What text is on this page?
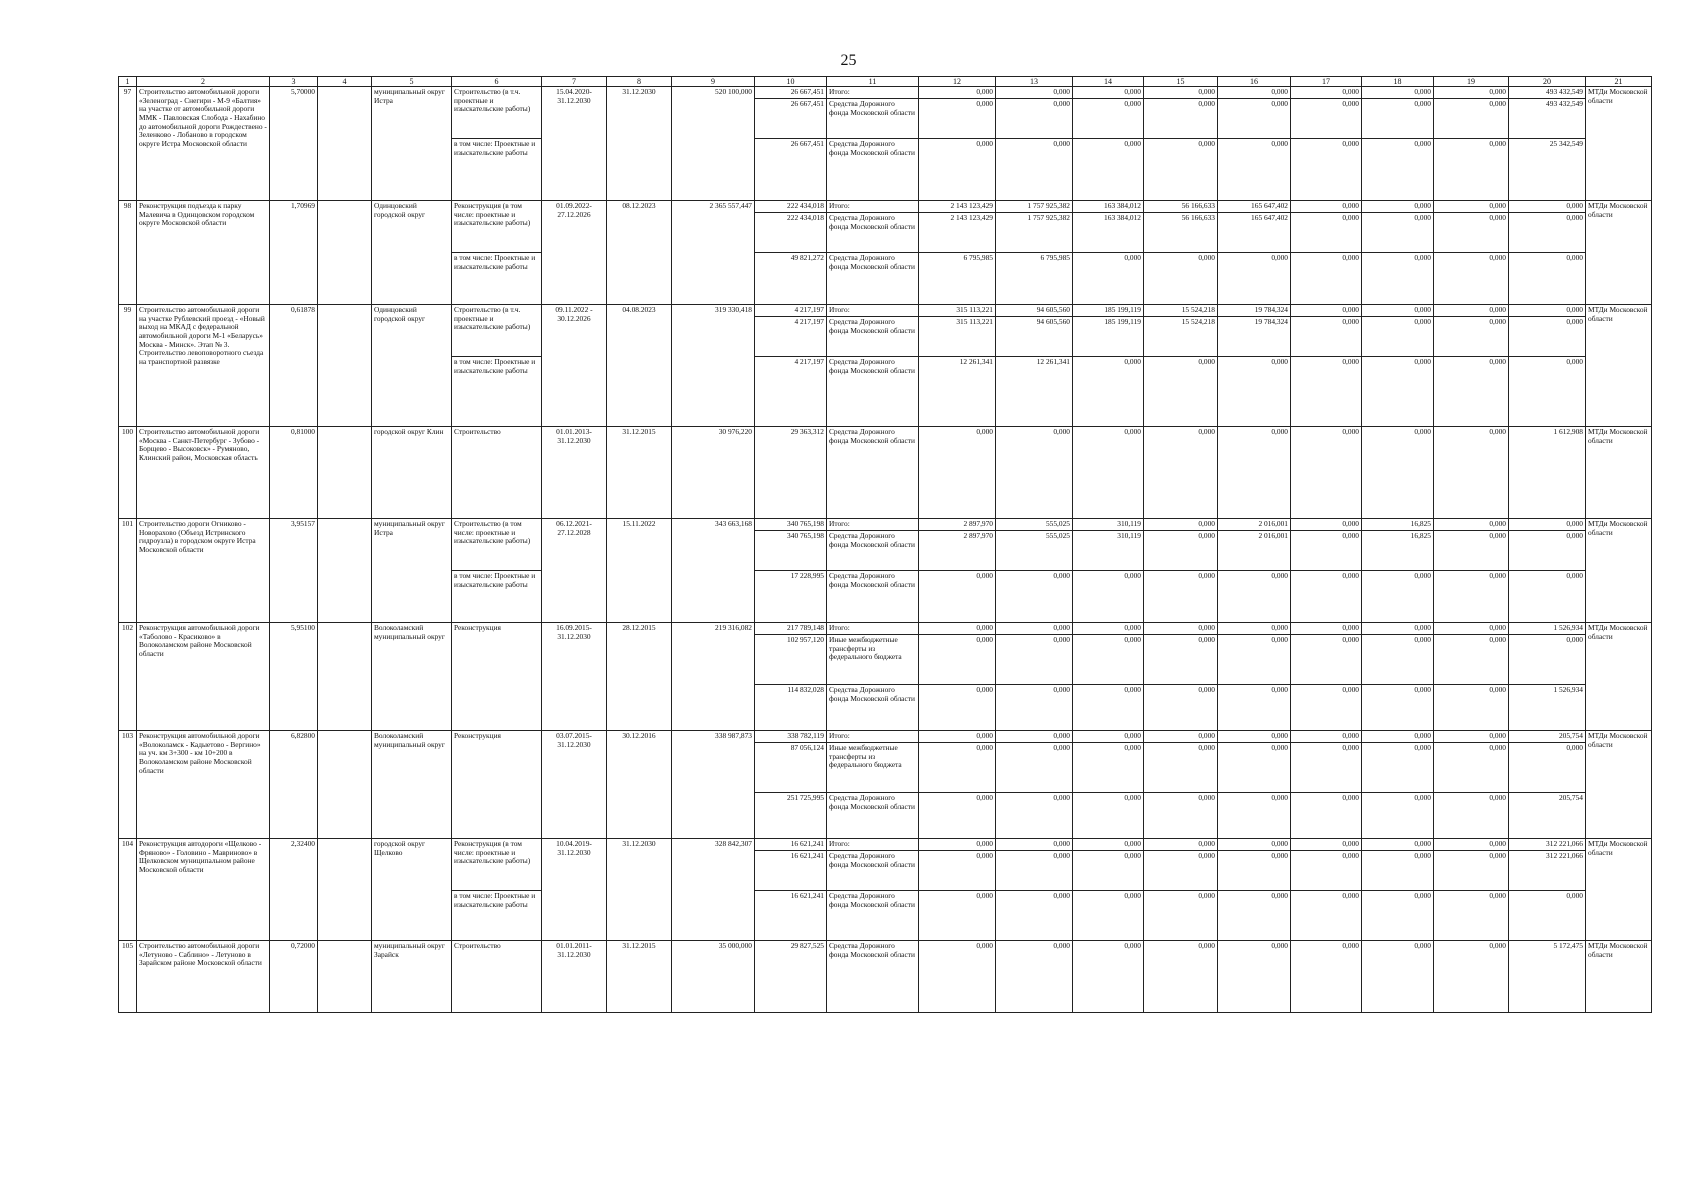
25
1	2	3	4	5	6	7	8	9	10	11	12	13	14	15	16	17	18	19	20	21
97	Строительство автомобильной дороги «Зеленоград - Снегири - М-9 «Балтия» на участке от автомобильной дороги ММК - Павловская Слобода - Нахабино до автомобильной дороги Рождествено - Зеленково - Лобаново в городском округе Истра Московской области	5,70000		муниципальный округ Истра	Строительство (в т.ч. проектные и изыскательские работы)	15.04.2020- 31.12.2030	31.12.2030	520 100,000	26 667,451	Итого:	0,000	0,000	0,000	0,000	0,000	0,000	0,000	0,000	493 432,549	МТДи Московской области
									26 667,451	Средства Дорожного фонда Московской области	0,000	0,000	0,000	0,000	0,000	0,000	0,000	0,000	493 432,549	
					в том числе: Проектные и изыскательские работы				26 667,451	Средства Дорожного фонда Московской области	0,000	0,000	0,000	0,000	0,000	0,000	0,000	0,000	25 342,549	
98	Реконструкция подъезда к парку Малевича в Одинцовском городском округе Московской области	1,70969		Одинцовский городской округ	Реконструкция (в том числе: проектные и изыскательские работы)	01.09.2022- 27.12.2026	08.12.2023	2 365 557,447	222 434,018	Итого:	2 143 123,429	1 757 925,382	163 384,012	56 166,633	165 647,402	0,000	0,000	0,000	0,000	МТДи Московской области
									222 434,018	Средства Дорожного фонда Московской области	2 143 123,429	1 757 925,382	163 384,012	56 166,633	165 647,402	0,000	0,000	0,000	0,000	
					в том числе: Проектные и изыскательские работы				49 821,272	Средства Дорожного фонда Московской области	6 795,985	6 795,985	0,000	0,000	0,000	0,000	0,000	0,000	0,000	
99	Строительство автомобильной дороги на участке Рублевский проезд - «Новый выход на МКАД с федеральной автомобильной дороги М-1 «Беларусь» Москва - Минск». Этап № 3. Строительство левоповоротного съезда на транспортной развязке	0,61878		Одинцовский городской округ	Строительство (в т.ч. проектные и изыскательские работы)	09.11.2022 - 30.12.2026	04.08.2023	319 330,418	4 217,197	Итого:	315 113,221	94 605,560	185 199,119	15 524,218	19 784,324	0,000	0,000	0,000	0,000	МТДи Московской области
									4 217,197	Средства Дорожного фонда Московской области	315 113,221	94 605,560	185 199,119	15 524,218	19 784,324	0,000	0,000	0,000	0,000	
					в том числе: Проектные и изыскательские работы				4 217,197	Средства Дорожного фонда Московской области	12 261,341	12 261,341	0,000	0,000	0,000	0,000	0,000	0,000	0,000	
100	Строительство автомобильной дороги «Москва - Санкт-Петербург - Зубово - Борщево - Высоковск» - Румяново, Клинский район, Московская область	0,81000		городской округ Клин	Строительство	01.01.2013- 31.12.2030	31.12.2015	30 976,220	29 363,312	Средства Дорожного фонда Московской области	0,000	0,000	0,000	0,000	0,000	0,000	0,000	0,000	1 612,908	МТДи Московской области
101	Строительство дороги Огниково - Новорахово (Объезд Истринского гидроузла) в городском округе Истра Московской области	3,95157		муниципальный округ Истра	Строительство (в том числе: проектные и изыскательские работы)	06.12.2021- 27.12.2028	15.11.2022	343 663,168	340 765,198	Итого:	2 897,970	555,025	310,119	0,000	2 016,001	0,000	16,825	0,000	0,000	МТДи Московской области
									340 765,198	Средства Дорожного фонда Московской области	2 897,970	555,025	310,119	0,000	2 016,001	0,000	16,825	0,000	0,000	
					в том числе: Проектные и изыскательские работы				17 228,995	Средства Дорожного фонда Московской области	0,000	0,000	0,000	0,000	0,000	0,000	0,000	0,000	0,000	
102	Реконструкция автомобильной дороги «Таболово - Красиково» в Волоколамском районе Московской области	5,95100		Волоколамский муниципальный округ	Реконструкция	16.09.2015- 31.12.2030	28.12.2015	219 316,082	217 789,148	Итого:	0,000	0,000	0,000	0,000	0,000	0,000	0,000	0,000	1 526,934	МТДи Московской области
									102 957,120	Иные межбюджетные трансферты из федерального бюджета	0,000	0,000	0,000	0,000	0,000	0,000	0,000	0,000	0,000	
									114 832,028	Средства Дорожного фонда Московской области	0,000	0,000	0,000	0,000	0,000	0,000	0,000	0,000	1 526,934	
103	Реконструкция автомобильной дороги «Волоколамск - Кадыетово - Вергино» на уч. км 3+300 - км 10+200 в Волоколамском районе Московской области	6,82800		Волоколамский муниципальный округ	Реконструкция	03.07.2015- 31.12.2030	30.12.2016	338 987,873	338 782,119	Итого:	0,000	0,000	0,000	0,000	0,000	0,000	0,000	0,000	205,754	МТДи Московской области
									87 056,124	Иные межбюджетные трансферты из федерального бюджета	0,000	0,000	0,000	0,000	0,000	0,000	0,000	0,000	0,000	
									251 725,995	Средства Дорожного фонда Московской области	0,000	0,000	0,000	0,000	0,000	0,000	0,000	0,000	205,754	
104	Реконструкция автодороги «Щелково - Фряново» - Головино - Мавриново» в Щелковском муниципальном районе Московской области	2,32400		городской округ Щелково	Реконструкция (в том числе: проектные и изыскательские работы)	10.04.2019- 31.12.2030	31.12.2030	328 842,307	16 621,241	Итого:	0,000	0,000	0,000	0,000	0,000	0,000	0,000	0,000	312 221,066	МТДи Московской области
									16 621,241	Средства Дорожного фонда Московской области	0,000	0,000	0,000	0,000	0,000	0,000	0,000	0,000	312 221,066	
					в том числе: Проектные и изыскательские работы				16 621,241	Средства Дорожного фонда Московской области	0,000	0,000	0,000	0,000	0,000	0,000	0,000	0,000	0,000	
105	Строительство автомобильной дороги «Летуново - Саблино» - Летуново в Зарайском районе Московской области	0,72000		муниципальный округ Зарайск	Строительство	01.01.2011- 31.12.2030	31.12.2015	35 000,000	29 827,525	Средства Дорожного фонда Московской области	0,000	0,000	0,000	0,000	0,000	0,000	0,000	0,000	5 172,475	МТДи Московской области
